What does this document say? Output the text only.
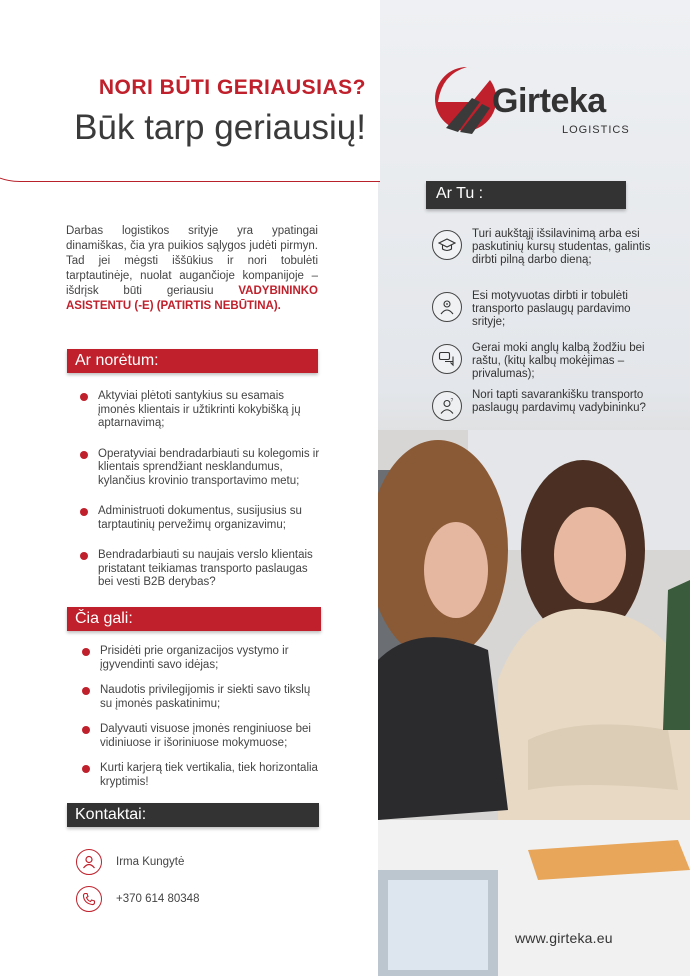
NORI BŪTI GERIAUSIAS?
Būk tarp geriausių!

Darbas logistikos srityje yra ypatingai dinamiškas, čia yra puikios sąlygos judėti pirmyn. Tad jei mėgsti iššūkius ir nori tobulėti tarptautinėje, nuolat augančioje kompanijoje – išdrįsk būti geriausiu VADYBININKO ASISTENTU (-E) (PATIRTIS NEBŪTINA).

Ar norėtum:
Aktyviai plėtoti santykius su esamais įmonės klientais ir užtikrinti kokybišką jų aptarnavimą;
Operatyviai bendradarbiauti su kolegomis ir klientais sprendžiant nesklandumus, kylančius krovinio transportavimo metu;
Administruoti dokumentus, susijusius su tarptautinių pervežimų organizavimu;
Bendradarbiauti su naujais verslo klientais pristatant teikiamas transporto paslaugas bei vesti B2B derybas?
Čia gali:
Prisidėti prie organizacijos vystymo ir įgyvendinti savo idėjas;
Naudotis privilegijomis ir siekti savo tikslų su įmonės paskatinimu;
Dalyvauti visuose įmonės renginiuose bei vidiniuose ir išoriniuose mokymuose;
Kurti karjerą tiek vertikalia, tiek horizontalia kryptimis!
Kontaktai:
Irma Kungytė
+370 614 80348
Girteka
LOGISTICS
Ar Tu :
Turi aukštąjį išsilavinimą arba esi paskutinių kursų studentas, galintis dirbti pilną darbo dieną;
Esi motyvuotas dirbti ir tobulėti transporto paslaugų pardavimo srityje;
Gerai moki anglų kalbą žodžiu bei raštu, (kitų kalbų mokėjimas – privalumas);
? Nori tapti savarankišku transporto paslaugų pardavimų vadybininku?
www.girteka.eu
